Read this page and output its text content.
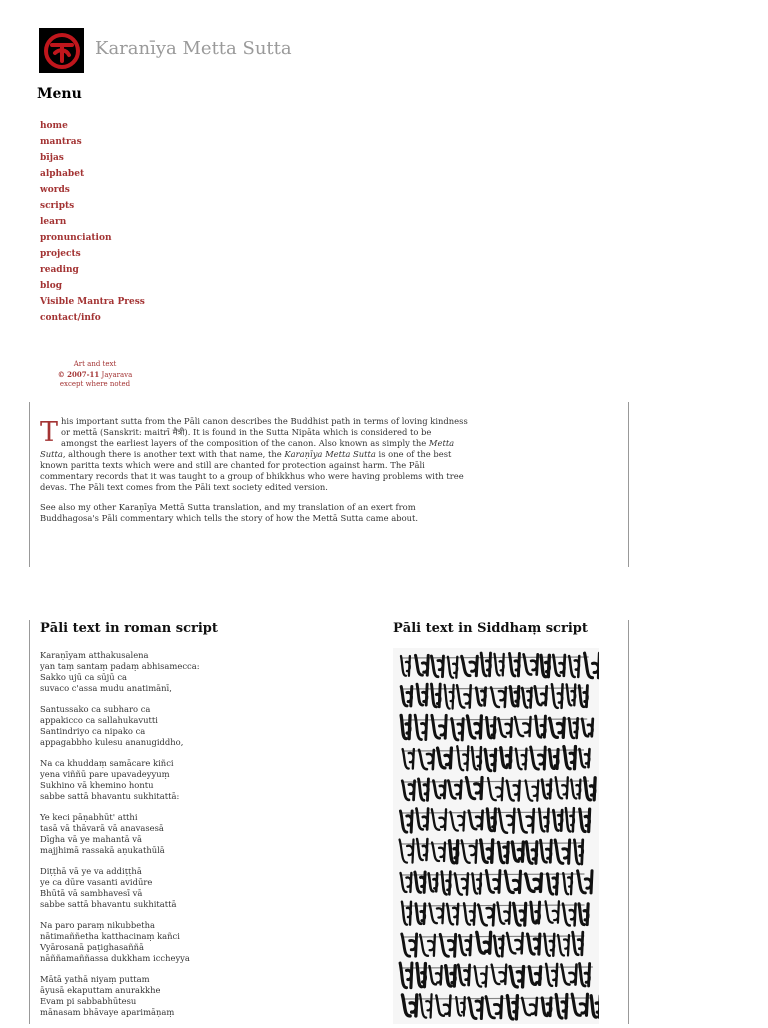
Karanīya Metta Sutta
Menu
home
mantras
bījas
alphabet
words
scripts
learn
pronunciation
projects
reading
blog
Visible Mantra Press
contact/info
Art and text
© 2007-11 Jayarava
except where noted

This important sutta from the Pāli canon describes the Buddhist path in terms of loving kindness or mettā (Sanskrit: maitrī मैत्री). It is found in the Sutta Nipāta which is considered to be amongst the earliest layers of the composition of the canon. Also known as simply the Metta Sutta, although there is another text with that name, the Karaṇīya Metta Sutta is one of the best known paritta texts which were and still are chanted for protection against harm. The Pāli commentary records that it was taught to a group of bhikkhus who were having problems with tree devas. The Pāli text comes from the Pāli text society edited version.

See also my other Karaṇīya Mettā Sutta translation, and my translation of an exert from Buddhagosa's Pāli commentary which tells the story of how the Mettā Sutta came about.

Pāli text in roman script	Pāli text in Siddhaṃ script
Karaṇīyam atthakusalena
yan taṃ santaṃ padaṃ abhisamecca:
Sakko ujū ca sūjū ca
suvaco c'assa mudu anatimānī,
Santussako ca subharo ca
appakicco ca sallahukavutti
Santindriyo ca nipako ca
appagabbho kulesu ananugiddho,
Na ca khuddaṃ samācare kiñci
yena viññū pare upavadeyyuṃ
Sukhino vā khemino hontu
sabbe sattā bhavantu sukhitattā:
Ye keci pāṇabhūt' atthi
tasā vā thāvarā vā anavasesā
Dīgha vā ye mahantā vā
majjhimā rassakā aṇukathūlā
Diṭṭhā vā ye va addiṭṭhā
ye ca dūre vasanti avidūre
Bhūtā vā sambhavesī vā
sabbe sattā bhavantu sukhitattā
Na paro paraṃ nikubbetha
nātimaññetha katthacinaṃ kañci
Vyārosanā paṭighasaññā
nāññamaññassa dukkham iccheyya
Mātā yathā niyaṃ puttam
āyusā ekaputtam anurakkhe
Evam pi sabbabhūtesu
mānasam bhāvaye aparimāṇaṃ
